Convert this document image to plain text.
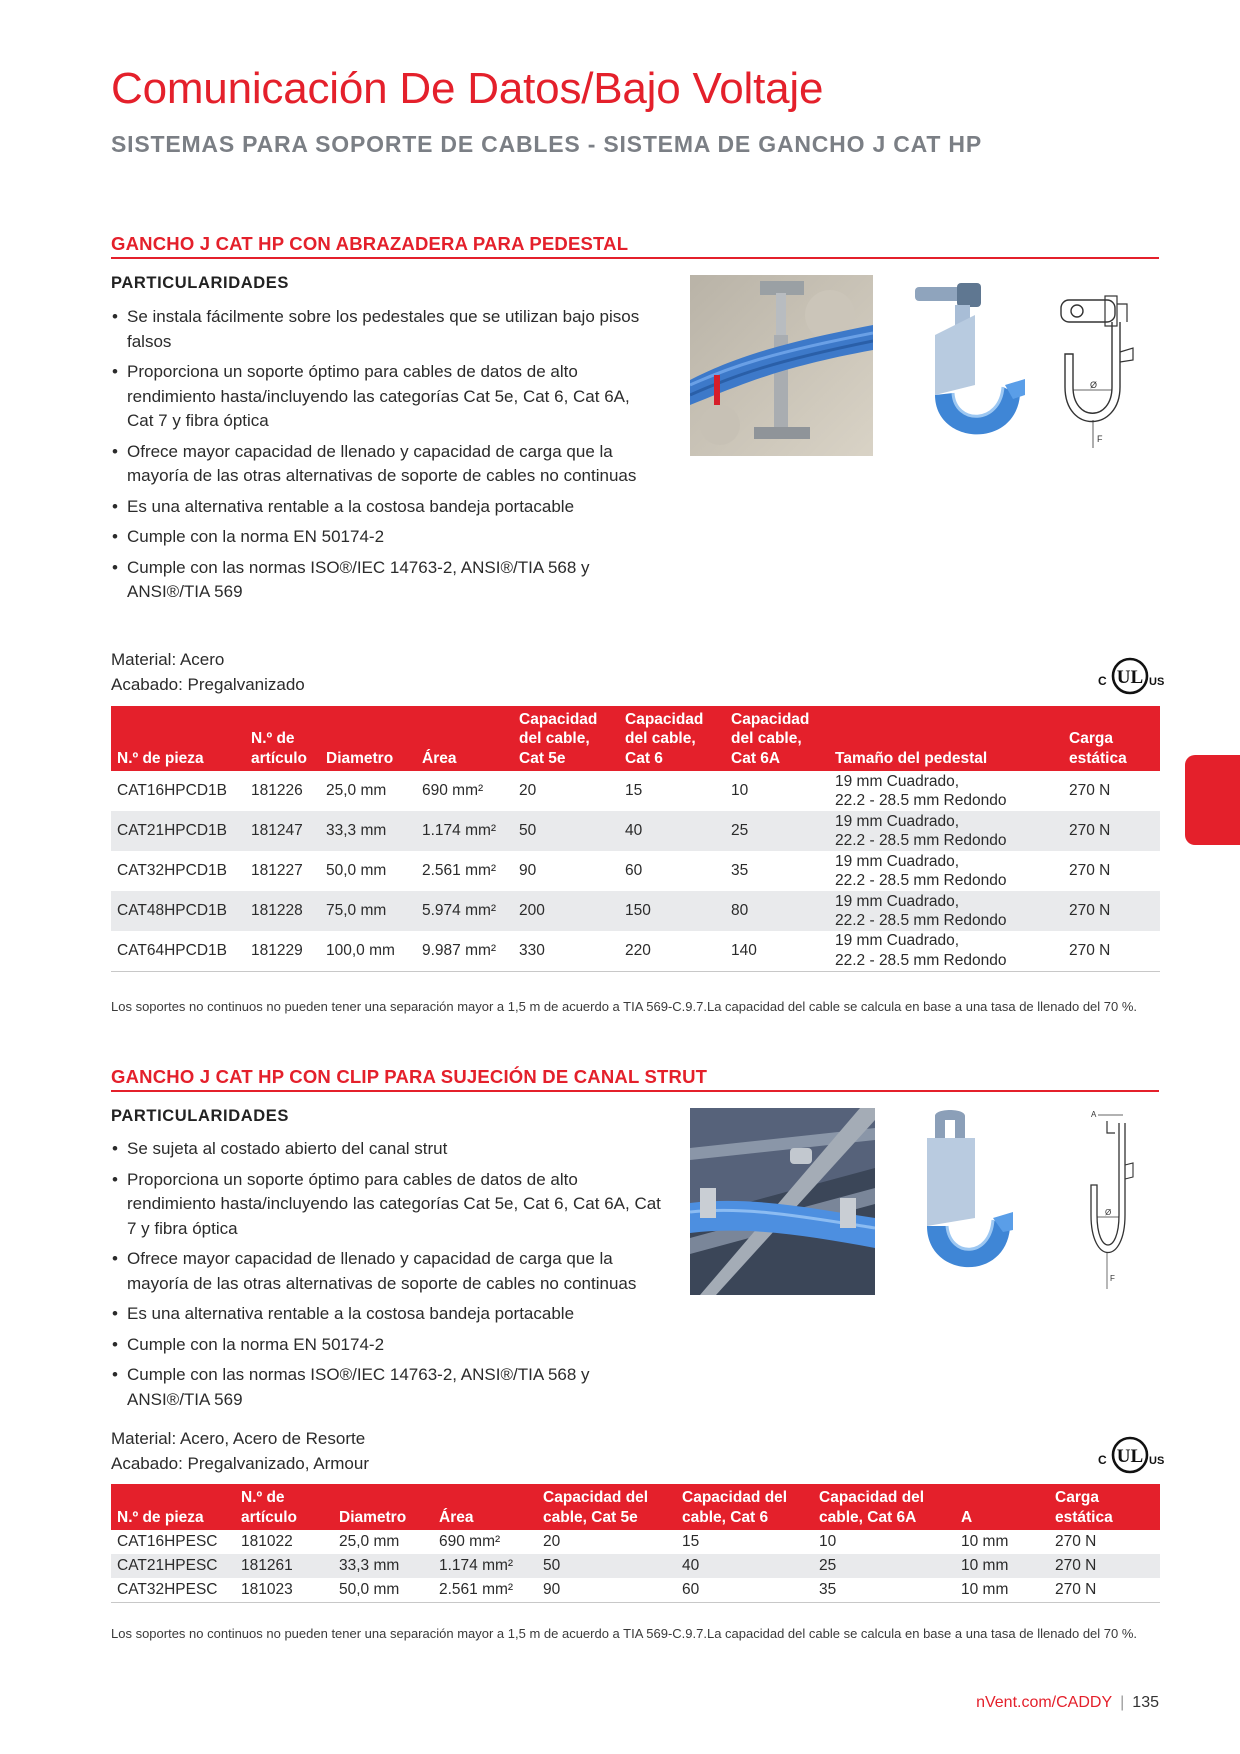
Comunicación De Datos/Bajo Voltaje
SISTEMAS PARA SOPORTE DE CABLES - SISTEMA DE GANCHO J CAT HP
GANCHO J CAT HP CON ABRAZADERA PARA PEDESTAL
PARTICULARIDADES
• Se instala fácilmente sobre los pedestales que se utilizan bajo pisos falsos
• Proporciona un soporte óptimo para cables de datos de alto rendimiento hasta/incluyendo las categorías Cat 5e, Cat 6, Cat 6A, Cat 7 y fibra óptica
• Ofrece mayor capacidad de llenado y capacidad de carga que la mayoría de las otras alternativas de soporte de cables no continuas
• Es una alternativa rentable a la costosa bandeja portacable
• Cumple con la norma EN 50174-2
• Cumple con las normas ISO®/IEC 14763-2, ANSI®/TIA 568 y ANSI®/TIA 569
Material: Acero
Acabado: Pregalvanizado
Ø
F
UL
C	US
N.º de pieza	N.º de artículo	Diametro	Área	Capacidad del cable, Cat 5e	Capacidad del cable, Cat 6	Capacidad del cable, Cat 6A	Tamaño del pedestal	Carga estática
CAT16HPCD1B	181226	25,0 mm	690 mm²	20	15	10	19 mm Cuadrado,
22.2 - 28.5 mm Redondo	270 N
CAT21HPCD1B	181247	33,3 mm	1.174 mm²	50	40	25	19 mm Cuadrado,
22.2 - 28.5 mm Redondo	270 N
CAT32HPCD1B	181227	50,0 mm	2.561 mm²	90	60	35	19 mm Cuadrado,
22.2 - 28.5 mm Redondo	270 N
CAT48HPCD1B	181228	75,0 mm	5.974 mm²	200	150	80	19 mm Cuadrado,
22.2 - 28.5 mm Redondo	270 N
CAT64HPCD1B	181229	100,0 mm	9.987 mm²	330	220	140	19 mm Cuadrado,
22.2 - 28.5 mm Redondo	270 N
Los soportes no continuos no pueden tener una separación mayor a 1,5 m de acuerdo a TIA 569-C.9.7.La capacidad del cable se calcula en base a una tasa de llenado del 70 %.
GANCHO J CAT HP CON CLIP PARA SUJECIÓN DE CANAL STRUT
PARTICULARIDADES
• Se sujeta al costado abierto del canal strut
• Proporciona un soporte óptimo para cables de datos de alto rendimiento hasta/incluyendo las categorías Cat 5e, Cat 6, Cat 6A, Cat 7 y fibra óptica
• Ofrece mayor capacidad de llenado y capacidad de carga que la mayoría de las otras alternativas de soporte de cables no continuas
• Es una alternativa rentable a la costosa bandeja portacable
• Cumple con la norma EN 50174-2
• Cumple con las normas ISO®/IEC 14763-2, ANSI®/TIA 568 y ANSI®/TIA 569
Material: Acero, Acero de Resorte
Acabado: Pregalvanizado, Armour
A
Ø
F
UL
C	US
N.º de pieza	N.º de artículo	Diametro	Área	Capacidad del cable, Cat 5e	Capacidad del cable, Cat 6	Capacidad del cable, Cat 6A	A	Carga estática
CAT16HPESC	181022	25,0 mm	690 mm²	20	15	10	10 mm	270 N
CAT21HPESC	181261	33,3 mm	1.174 mm²	50	40	25	10 mm	270 N
CAT32HPESC	181023	50,0 mm	2.561 mm²	90	60	35	10 mm	270 N
Los soportes no continuos no pueden tener una separación mayor a 1,5 m de acuerdo a TIA 569-C.9.7.La capacidad del cable se calcula en base a una tasa de llenado del 70 %.
nVent.com/CADDY | 135
